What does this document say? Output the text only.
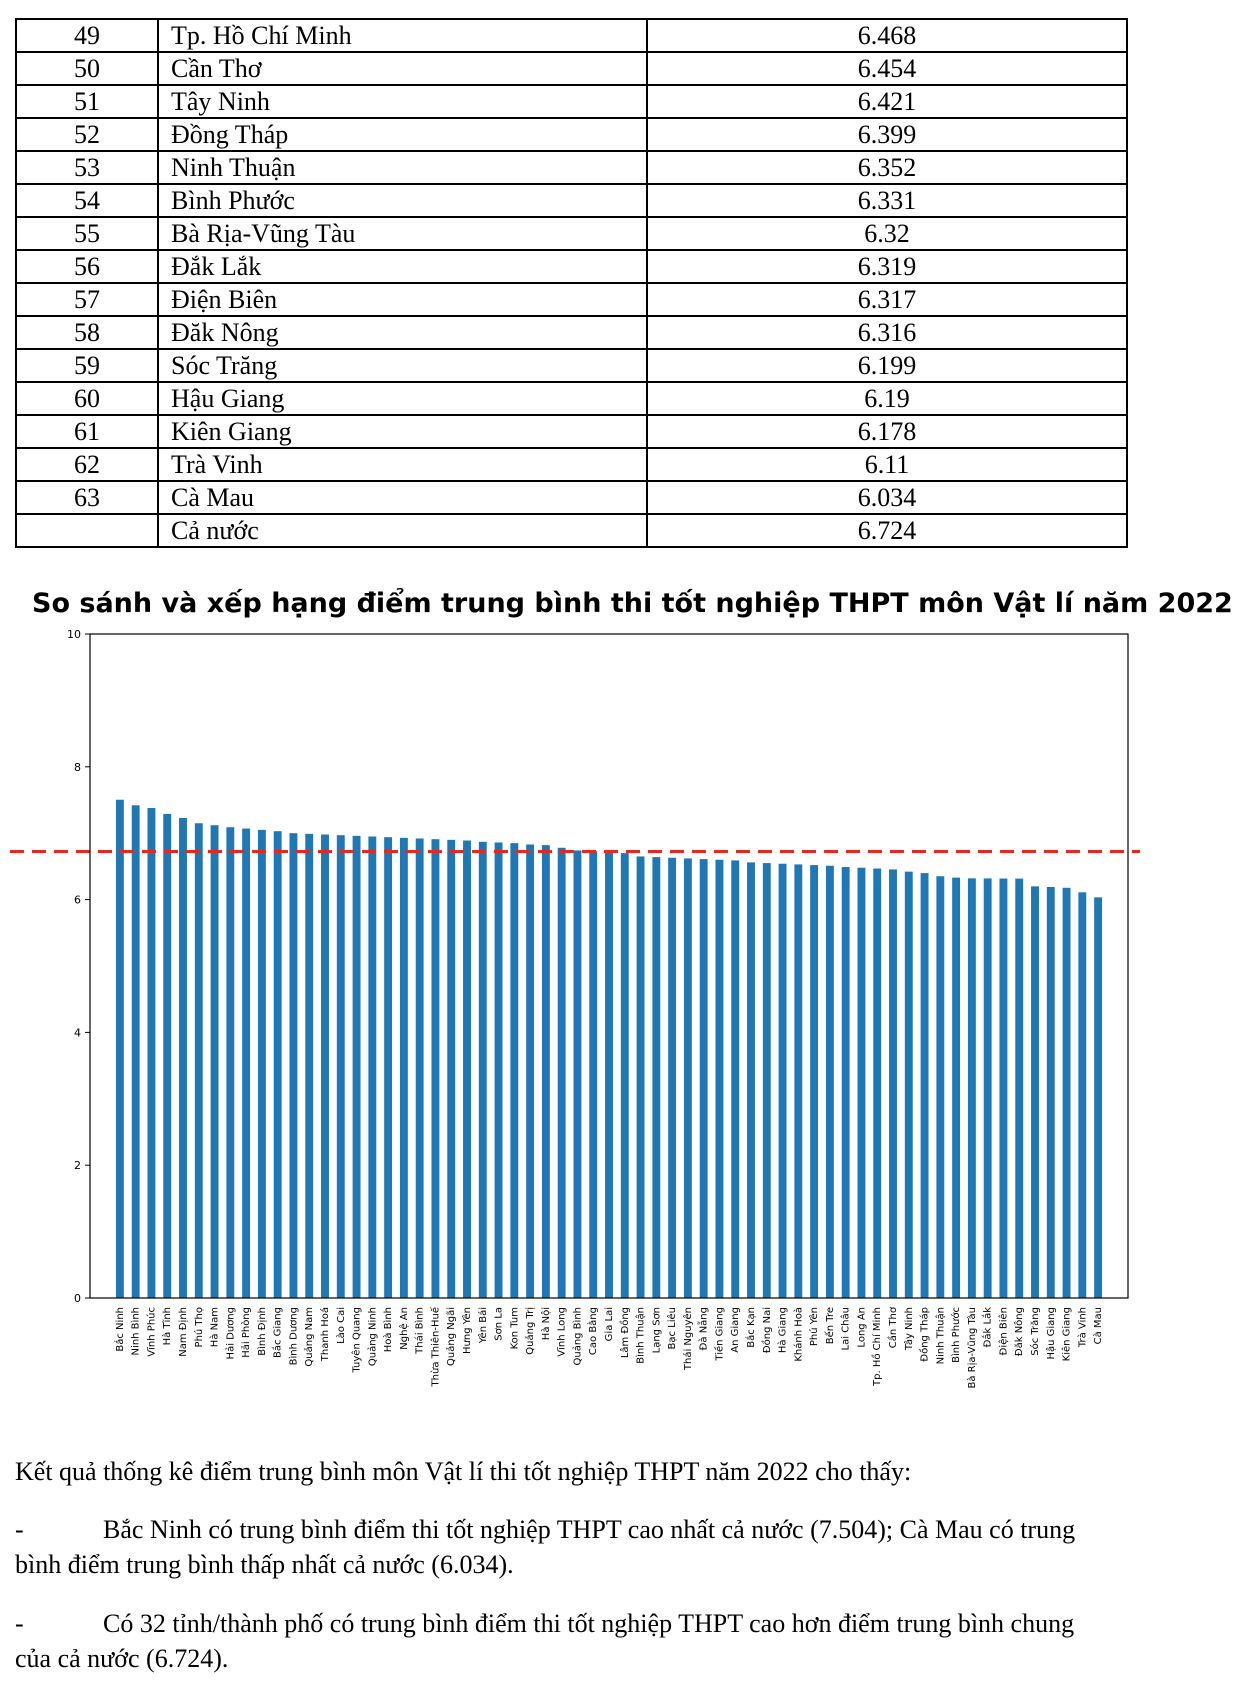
49	Tp. Hồ Chí Minh	6.468
50	Cần Thơ	6.454
51	Tây Ninh	6.421
52	Đồng Tháp	6.399
53	Ninh Thuận	6.352
54	Bình Phước	6.331
55	Bà Rịa-Vũng Tàu	6.32
56	Đắk Lắk	6.319
57	Điện Biên	6.317
58	Đăk Nông	6.316
59	Sóc Trăng	6.199
60	Hậu Giang	6.19
61	Kiên Giang	6.178
62	Trà Vinh	6.11
63	Cà Mau	6.034
	Cả nước	6.724
So sánh và xếp hạng điểm trung bình thi tốt nghiệp THPT môn Vật lí năm 2022
Bắc Ninh Ninh Bình Vĩnh Phúc Hà Tĩnh Nam Định Phú Thọ Hà Nam Hải Dương Hải Phòng Bình Định Bắc Giang Bình Dương Quảng Nam Thanh Hoá Lào Cai Tuyên Quang Quảng Ninh Hoà Bình Nghệ An Thái Bình Thừa Thiên-Huế Quảng Ngãi Hưng Yên Yên Bái Sơn La Kon Tum Quảng Trị Hà Nội Vĩnh Long Quảng Bình Cao Bằng Gia Lai Lâm Đồng Bình Thuận Lạng Sơn Bạc Liêu Thái Nguyên Đà Nẵng Tiền Giang An Giang Bắc Kạn Đồng Nai Hà Giang Khánh Hoà Phú Yên Bến Tre Lai Châu Long An Tp. Hồ Chí Minh Cần Thơ Tây Ninh Đồng Tháp Ninh Thuận Bình Phước Bà Rịa-Vũng Tàu Đắk Lắk Điện Biên Đăk Nông Sóc Trăng Hậu Giang Kiên Giang Trà Vinh Cà Mau
0
2
4
6
8
10

Kết quả thống kê điểm trung bình môn Vật lí thi tốt nghiệp THPT năm 2022 cho thấy:

-	Bắc Ninh có trung bình điểm thi tốt nghiệp THPT cao nhất cả nước (7.504); Cà Mau có trung bình điểm trung bình thấp nhất cả nước (6.034).

-	Có 32 tỉnh/thành phố có trung bình điểm thi tốt nghiệp THPT cao hơn điểm trung bình chung của cả nước (6.724).
